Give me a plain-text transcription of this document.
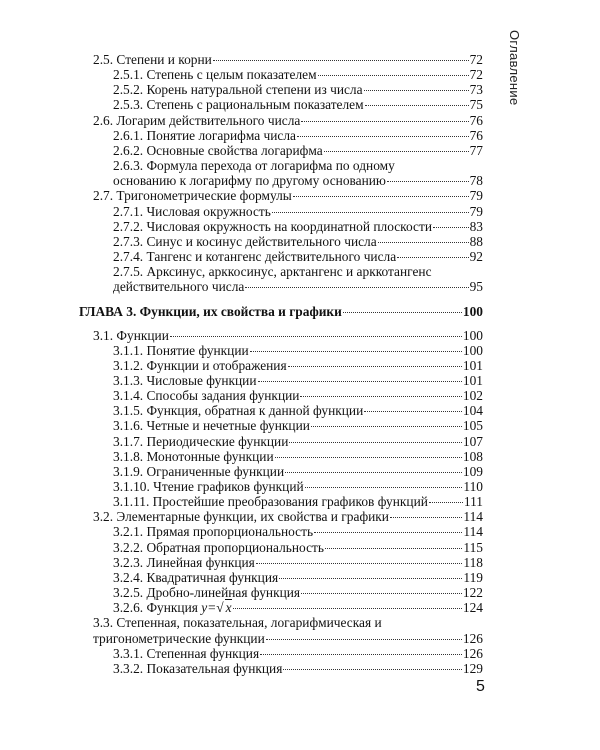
Оглавление
2.5. Степени и корни	72
2.5.1. Степень с целым показателем	72
2.5.2. Корень натуральной степени из числа	73
2.5.3. Степень с рациональным показателем	75
2.6. Логарим действительного числа	76
2.6.1. Понятие логарифма числа	76
2.6.2. Основные свойства логарифма	77
2.6.3. Формула перехода от логарифма по одному
основанию к логарифму по другому основанию	78
2.7. Тригонометрические формулы	79
2.7.1. Числовая окружность	79
2.7.2. Числовая окружность на координатной плоскости	83
2.7.3. Синус и косинус действительного числа	88
2.7.4. Тангенс и котангенс действительного числа	92
2.7.5. Арксинус, арккосинус, арктангенс и арккотангенс
действительного числа	95
ГЛАВА 3. Функции, их свойства и графики	100
3.1. Функции	100
3.1.1. Понятие функции	100
3.1.2. Функции и отображения	101
3.1.3. Числовые функции	101
3.1.4. Способы задания функции	102
3.1.5. Функция, обратная к данной функции	104
3.1.6. Четные и нечетные функции	105
3.1.7. Периодические функции	107
3.1.8. Монотонные функции	108
3.1.9. Ограниченные функции	109
3.1.10. Чтение графиков функций	110
3.1.11. Простейшие преобразования графиков функций	111
3.2. Элементарные функции, их свойства и графики	114
3.2.1. Прямая пропорциональность	114
3.2.2. Обратная пропорциональность	115
3.2.3. Линейная функция	118
3.2.4. Квадратичная функция	119
3.2.5. Дробно-линейная функция	122
3.2.6. Функция y=√ x	124
3.3. Степенная, показательная, логарифмическая и
тригонометрические функции	126
3.3.1. Степенная функция	126
3.3.2. Показательная функция	129
5
